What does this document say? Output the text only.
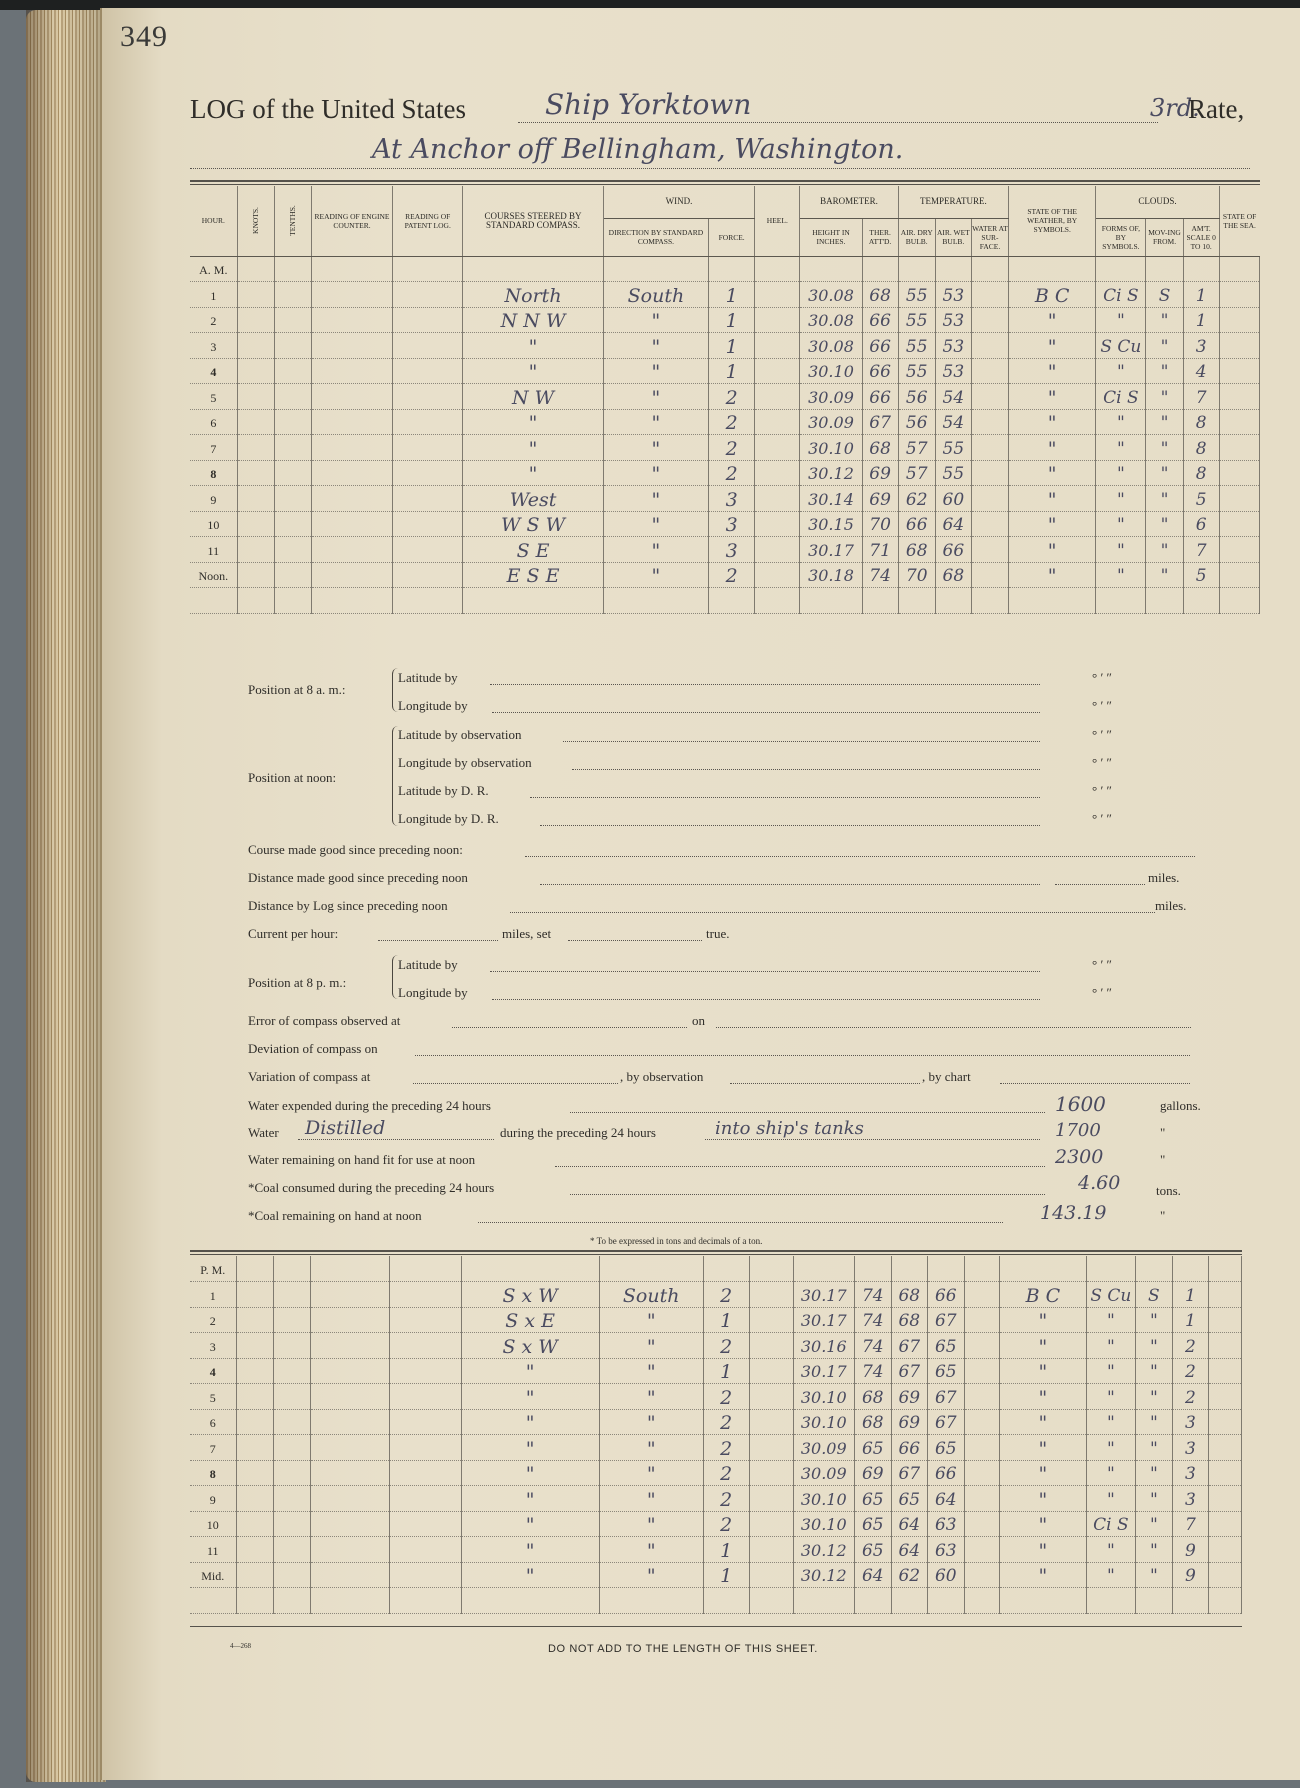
349
LOG of the United States	Ship Yorktown	3rd.
Rate,
At Anchor off Bellingham, Washington.
HOUR.	KNOTS.	TENTHS.	READING OF ENGINE COUNTER.	READING OF PATENT LOG.	COURSES STEERED BY STANDARD COMPASS.	WIND.		HEEL.	BAROMETER.		TEMPERATURE.			STATE OF THE WEATHER, BY SYMBOLS.	CLOUDS.			STATE OF THE SEA.
						DIRECTION BY STANDARD COMPASS.	FORCE.		HEIGHT IN INCHES.	THER. ATT'D.	AIR. DRY BULB.	AIR. WET BULB.	WATER AT SUR-FACE.		FORMS OF, BY SYMBOLS.	MOV-ING FROM.	AM'T. SCALE 0 TO 10.	
A. M.																		
1					North	South	1		30.08	68	55	53		B C	Ci S	S	1	
2					N N W	"	1		30.08	66	55	53		"	"	"	1	
3					"	"	1		30.08	66	55	53		"	S Cu	"	3	
4					"	"	1		30.10	66	55	53		"	"	"	4	
5					N W	"	2		30.09	66	56	54		"	Ci S	"	7	
6					"	"	2		30.09	67	56	54		"	"	"	8	
7					"	"	2		30.10	68	57	55		"	"	"	8	
8					"	"	2		30.12	69	57	55		"	"	"	8	
9					West	"	3		30.14	69	62	60		"	"	"	5	
10					W S W	"	3		30.15	70	66	64		"	"	"	6	
11					S E	"	3		30.17	71	68	66		"	"	"	7	
Noon.					E S E	"	2		30.18	74	70	68		"	"	"	5	

Position at 8 a. m.:
Latitude by	° ′ ″
Longitude by	° ′ ″
Position at noon:
Latitude by observation	° ′ ″
Longitude by observation	° ′ ″
Latitude by D. R.	° ′ ″
Longitude by D. R.	° ′ ″
Course made good since preceding noon:
Distance made good since preceding noon	miles.
Distance by Log since preceding noon	miles.
Current per hour:	miles, set	true.
Position at 8 p. m.:
Latitude by	° ′ ″
Longitude by	° ′ ″
Error of compass observed at	on
Deviation of compass on
Variation of compass at	, by observation	, by chart
Water expended during the preceding 24 hours	1600	gallons.
Water Distilled	during the preceding 24 hours	into ship's tanks	1700	"
Water remaining on hand fit for use at noon	2300	"
*Coal consumed during the preceding 24 hours	4.60	tons.
*Coal remaining on hand at noon	143.19	"
* To be expressed in tons and decimals of a ton.
P. M.																		
1					S x W	South	2		30.17	74	68	66		B C	S Cu	S	1	
2					S x E	"	1		30.17	74	68	67		"	"	"	1	
3					S x W	"	2		30.16	74	67	65		"	"	"	2	
4					"	"	1		30.17	74	67	65		"	"	"	2	
5					"	"	2		30.10	68	69	67		"	"	"	2	
6					"	"	2		30.10	68	69	67		"	"	"	3	
7					"	"	2		30.09	65	66	65		"	"	"	3	
8					"	"	2		30.09	69	67	66		"	"	"	3	
9					"	"	2		30.10	65	65	64		"	"	"	3	
10					"	"	2		30.10	65	64	63		"	Ci S	"	7	
11					"	"	1		30.12	65	64	63		"	"	"	9	
Mid.					"	"	1		30.12	64	62	60		"	"	"	9	

4—268	DO NOT ADD TO THE LENGTH OF THIS SHEET.
